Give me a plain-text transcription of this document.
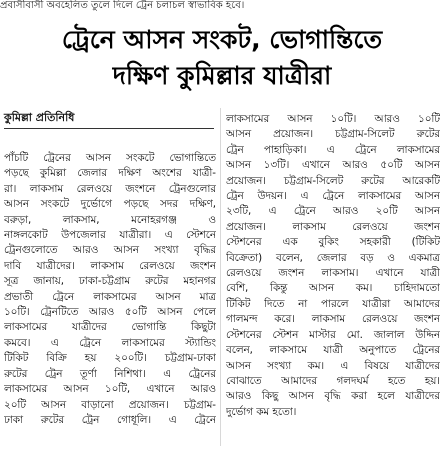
প্রবাসীবাসী অবহেলিত তুলে দিলে ট্রেন চলাচল স্বাভাবিক হবে।
ট্রেনে আসন সংকট, ভোগান্তিতে
দক্ষিণ কুমিল্লার যাত্রীরা
কুমিল্লা প্রতিনিধি
পাঁচটি ট্রেনের আসন সংকটে ভোগান্তিতে
পড়ছে কুমিল্লা জেলার দক্ষিণ অংশের যাত্রী-
রা। লাকসাম রেলওয়ে জংশনে ট্রেনগুলোর
আসন সংকটে দুর্ভোগে পড়ছে সদর দক্ষিণ,
বরুড়া, লাকসাম, মনোহরগঞ্জ ও
নাঙ্গলকোট উপজেলার যাত্রীরা। এ স্টেশনে
ট্রেনগুলোতে আরও আসন সংখ্যা বৃদ্ধির
দাবি যাত্রীদের। লাকসাম রেলওয়ে জংশন
সূত্র জানায়, ঢাকা-চট্টগ্রাম রুটের মহানগর
প্রভাতী ট্রেনে লাকসামের আসন মাত্র
১০টি। ট্রেনটিতে আরও ৫০টি আসন পেলে
লাকসামের যাত্রীদের ভোগান্তি কিছুটা
কমবে। এ ট্রেনে লাকসামের স্ট্যান্ডিং
টিকিট বিক্রি হয় ২০০টি। চট্টগ্রাম-ঢাকা
রুটের ট্রেন তূর্ণা নিশিথা। এ ট্রেনের
লাকসামের আসন ১০টি, এখানে আরও
২০টি আসন বাড়ানো প্রয়োজন। চট্টগ্রাম-
ঢাকা রুটের ট্রেন গোধূলি। এ ট্রেনে
লাকসামের আসন ১০টি। আরও ১০টি
আসন প্রয়োজন। চট্টগ্রাম-সিলেট রুটের
ট্রেন পাহাড়িকা। এ ট্রেনে লাকসামের
আসন ১৩টি। এখানে আরও ৫০টি আসন
প্রয়োজন। চট্টগ্রাম-সিলেট রুটের আরেকটি
ট্রেন উদয়ন। এ ট্রেনে লাকসামের আসন
২৩টি, এ ট্রেনে আরও ২০টি আসন
প্রয়োজন। লাকসাম রেলওয়ে জংশন
স্টেশনের এক বুকিং সহকারী (টিকিট
বিক্রেতা) বলেন, জেলার বড় ও একমাত্র
রেলওয়ে জংশন লাকসাম। এখানে যাত্রী
বেশি, কিন্তু আসন কম। চাহিদামতো
টিকিট দিতে না পারলে যাত্রীরা আমাদের
গালমন্দ করে। লাকসাম রেলওয়ে জংশন
স্টেশনের স্টেশন মাস্টার মো. জালাল উদ্দিন
বলেন, লাকসামে যাত্রী অনুপাতে ট্রেনের
আসন সংখ্যা কম। এ বিষয়ে যাত্রীদের
বোঝাতে আমাদের গলদঘর্ম হতে হয়।
আরও কিছু আসন বৃদ্ধি করা হলে যাত্রীদের
দুর্ভোগ কম হতো।
